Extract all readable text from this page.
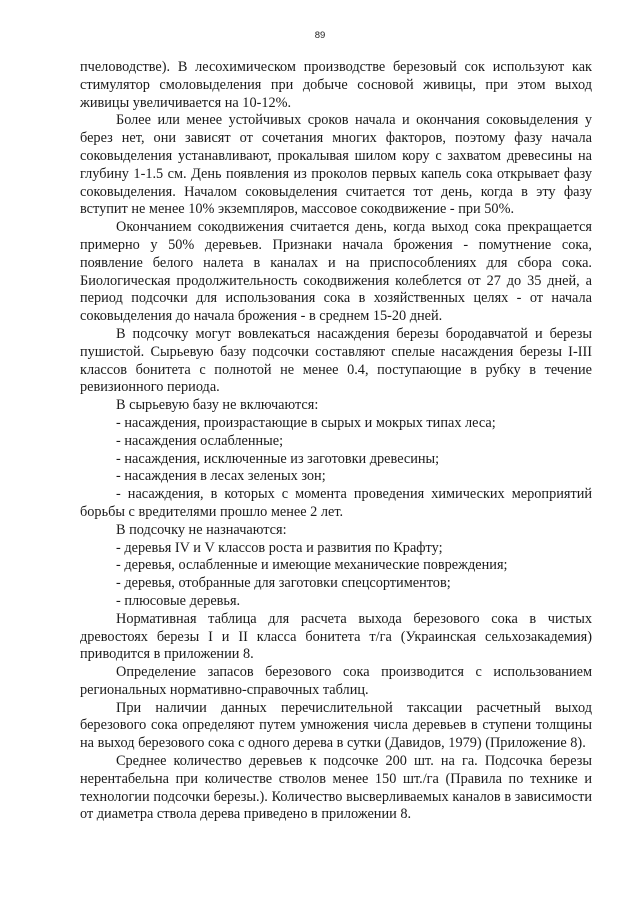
89

пчеловодстве). В лесохимическом производстве березовый сок используют как стимулятор смоловыделения при добыче сосновой живицы, при этом выход живицы увеличивается на 10-12%.

Более или менее устойчивых сроков начала и окончания соковыделения у берез нет, они зависят от сочетания многих факторов, поэтому фазу начала соковыделения устанавливают, прокалывая шилом кору с захватом древесины на глубину 1-1.5 см. День появления из проколов первых капель сока открывает фазу соковыделения. Началом соковыделения считается тот день, когда в эту фазу вступит не менее 10% экземпляров, массовое сокодвижение - при 50%.

Окончанием сокодвижения считается день, когда выход сока прекращается примерно у 50% деревьев. Признаки начала брожения - помутнение сока, появление белого налета в каналах и на приспособлениях для сбора сока. Биологическая продолжительность сокодвижения колеблется от 27 до 35 дней, а период подсочки для использования сока в хозяйственных целях - от начала соковыделения до начала брожения - в среднем 15-20 дней.

В подсочку могут вовлекаться насаждения березы бородавчатой и березы пушистой. Сырьевую базу подсочки составляют спелые насаждения березы I-III классов бонитета с полнотой не менее 0.4, поступающие в рубку в течение ревизионного периода.

В сырьевую базу не включаются:

- насаждения, произрастающие в сырых и мокрых типах леса;

- насаждения ослабленные;

- насаждения, исключенные из заготовки древесины;

- насаждения в лесах зеленых зон;

- насаждения, в которых с момента проведения химических мероприятий борьбы с вредителями прошло менее 2 лет.

В подсочку не назначаются:

- деревья IV и V классов роста и развития по Крафту;

- деревья, ослабленные и имеющие механические повреждения;

- деревья, отобранные для заготовки спецсортиментов;

- плюсовые деревья.

Нормативная таблица для расчета выхода березового сока в чистых древостоях березы I и II класса бонитета т/га (Украинская сельхозакадемия) приводится в приложении 8.

Определение запасов березового сока производится с использованием региональных нормативно-справочных таблиц.

При наличии данных перечислительной таксации расчетный выход березового сока определяют путем умножения числа деревьев в ступени толщины на выход березового сока с одного дерева в сутки (Давидов, 1979) (Приложение 8).

Среднее количество деревьев к подсочке 200 шт. на га. Подсочка березы нерентабельна при количестве стволов менее 150 шт./га (Правила по технике и технологии подсочки березы.). Количество высверливаемых каналов в зависимости от диаметра ствола дерева приведено в приложении 8.
